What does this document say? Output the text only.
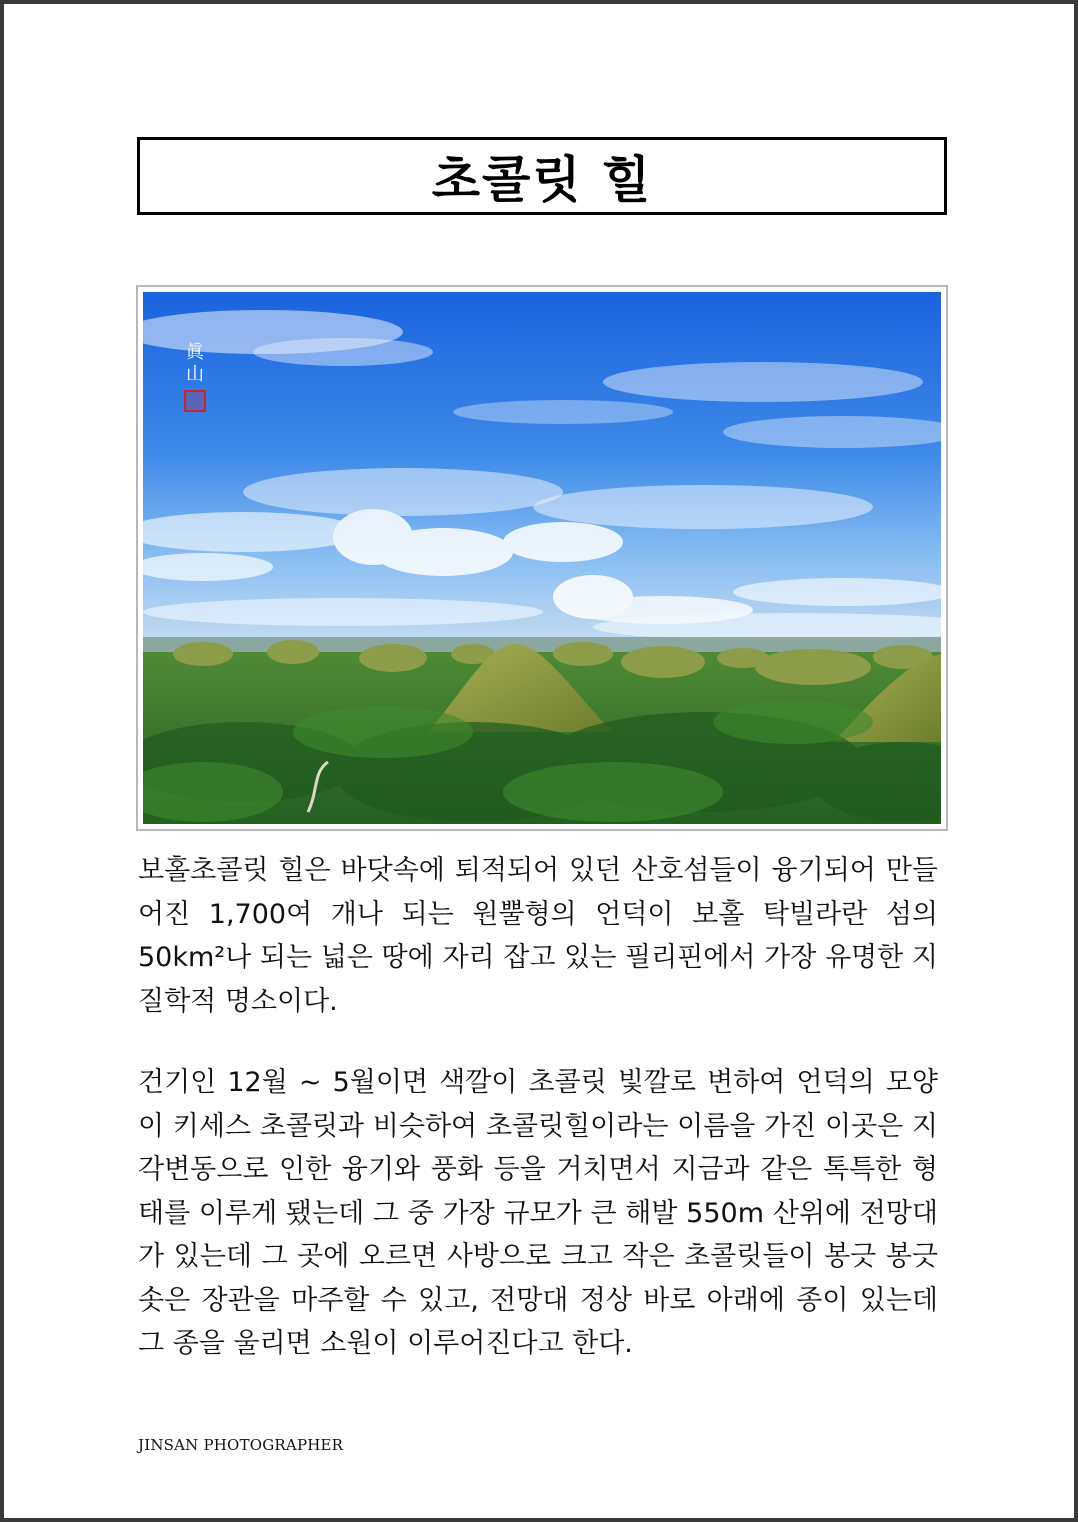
초콜릿 힐
眞
山

보홀초콜릿 힐은 바닷속에 퇴적되어 있던 산호섬들이 융기되어 만들어진 1,700여 개나 되는 원뿔형의 언덕이 보홀 탁빌라란 섬의 50km²나 되는 넓은 땅에 자리 잡고 있는 필리핀에서 가장 유명한 지질학적 명소이다.

건기인 12월 ~ 5월이면 색깔이 초콜릿 빛깔로 변하여 언덕의 모양이 키세스 초콜릿과 비슷하여 초콜릿힐이라는 이름을 가진 이곳은 지각변동으로 인한 융기와 풍화 등을 거치면서 지금과 같은 톡특한 형태를 이루게 됐는데 그 중 가장 규모가 큰 해발 550m 산위에 전망대 가 있는데 그 곳에 오르면 사방으로 크고 작은 초콜릿들이 봉긋 봉긋 솟은 장관을 마주할 수 있고, 전망대 정상 바로 아래에 종이 있는데 그 종을 울리면 소원이 이루어진다고 한다.

JINSAN PHOTOGRAPHER
